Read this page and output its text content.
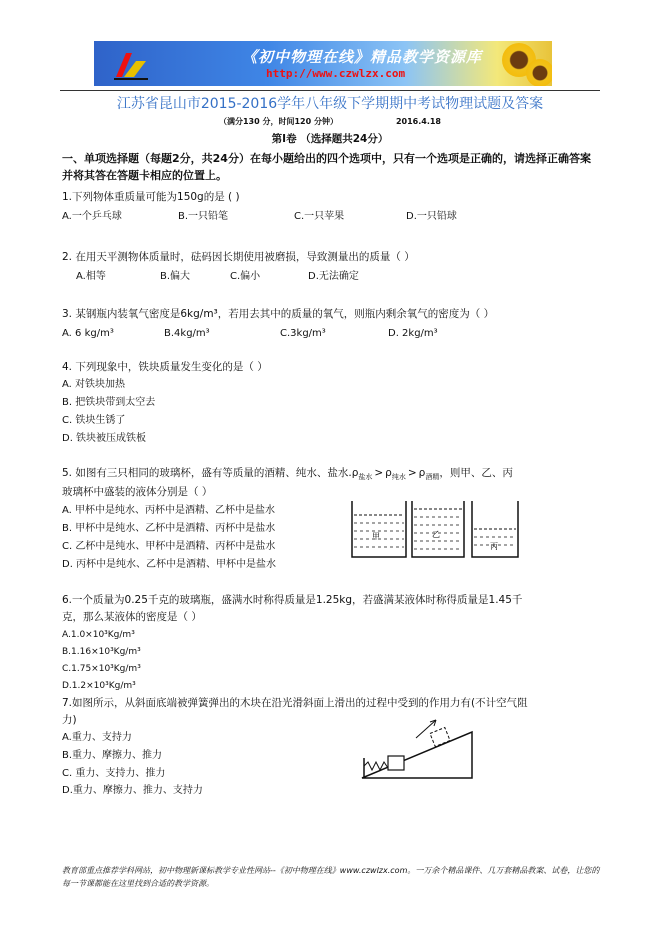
《初中物理在线》精品教学资源库
http://www.czwlzx.com
江苏省昆山市2015-2016学年八年级下学期期中考试物理试题及答案
（满分130 分，时间120 分钟）	2016.4.18
第Ⅰ卷 （选择题共24分）
一、单项选择题（每题2分，共24分）在每小题给出的四个选项中，只有一个选项是正确的，请选择正确答案并将其答在答题卡相应的位置上。
1.下列物体重质量可能为150g的是 ( )
A.一个乒乓球	B.一只铅笔	C.一只苹果	D.一只铅球
2. 在用天平测物体质量时，砝码因长期使用被磨损，导致测量出的质量（ ）
A.相等	B.偏大	C.偏小	D.无法确定
3. 某钢瓶内装氧气密度是6kg/m³，若用去其中的质量的氧气，则瓶内剩余氧气的密度为（ ）
A. 6 kg/m³	B.4kg/m³	C.3kg/m³	D. 2kg/m³
4. 下列现象中，铁块质量发生变化的是（ ）
A. 对铁块加热
B. 把铁块带到太空去
C. 铁块生锈了
D. 铁块被压成铁板
5. 如图有三只相同的玻璃杯，盛有等质量的酒精、纯水、盐水$.\rho_{盐水} > \rho_{纯水} > \rho_{酒精}$，则甲、乙、丙
玻璃杯中盛装的液体分别是（ ）
A. 甲杯中是纯水、丙杯中是酒精、乙杯中是盐水
B. 甲杯中是纯水、乙杯中是酒精、丙杯中是盐水
C. 乙杯中是纯水、甲杯中是酒精、丙杯中是盐水
D. 丙杯中是纯水、乙杯中是酒精、甲杯中是盐水
甲	乙
丙
6.一个质量为0.25千克的玻璃瓶，盛满水时称得质量是1.25kg，若盛满某液体时称得质量是1.45千
克，那么某液体的密度是（ ）
A.1.0×10³Kg/m³
B.1.16×10³Kg/m³
C.1.75×10³Kg/m³
D.1.2×10³Kg/m³
7.如图所示，从斜面底端被弹簧弹出的木块在沿光滑斜面上滑出的过程中受到的作用力有(不计空气阻
力)
A.重力、支持力
B.重力、摩擦力、推力
C. 重力、支持力、推力
D.重力、摩擦力、推力、支持力
教育部重点推荐学科网站，初中物理新课标教学专业性网站--《初中物理在线》www.czwlzx.com。一万余个精品课件、几万套精品教案、试卷，让您的每一节课都能在这里找到合适的教学资源。
